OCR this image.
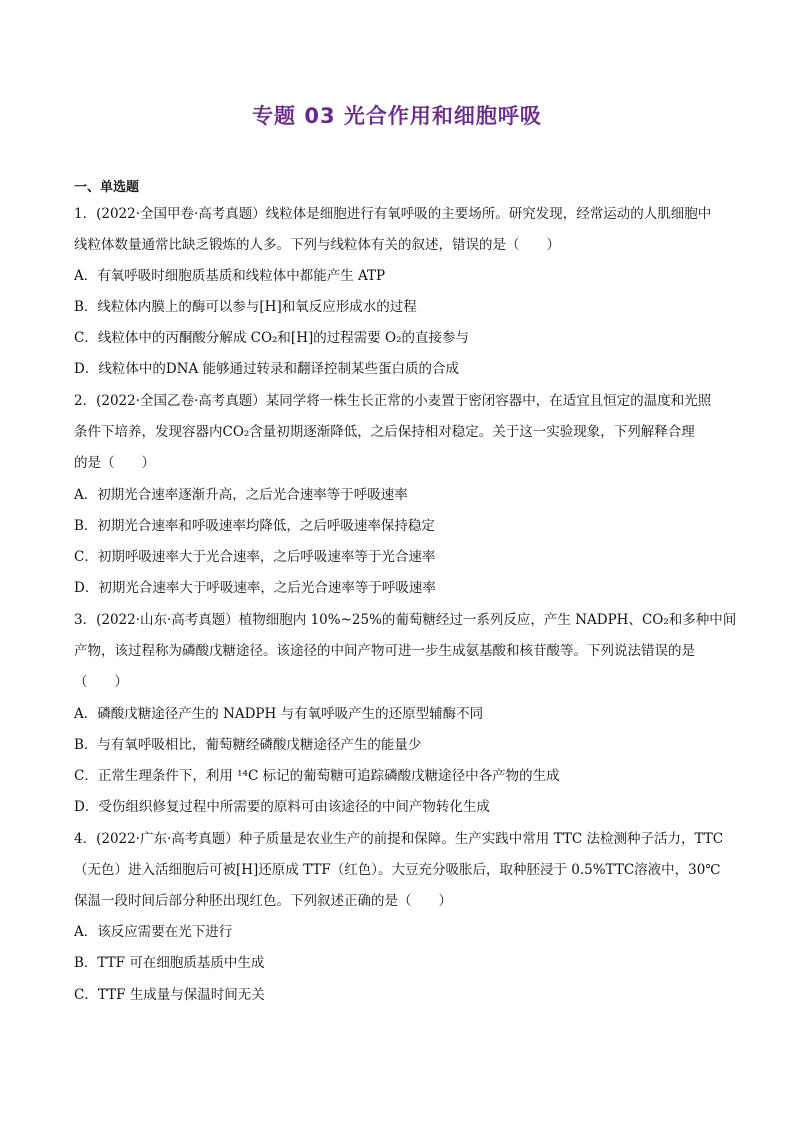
专题 03 光合作用和细胞呼吸
一、单选题
1．(2022·全国甲卷·高考真题）线粒体是细胞进行有氧呼吸的主要场所。研究发现，经常运动的人肌细胞中
线粒体数量通常比缺乏锻炼的人多。下列与线粒体有关的叙述，错误的是（　　）
A．有氧呼吸时细胞质基质和线粒体中都能产生 ATP
B．线粒体内膜上的酶可以参与[H]和氧反应形成水的过程
C．线粒体中的丙酮酸分解成 CO₂和[H]的过程需要 O₂的直接参与
D．线粒体中的DNA 能够通过转录和翻译控制某些蛋白质的合成
2．(2022·全国乙卷·高考真题）某同学将一株生长正常的小麦置于密闭容器中，在适宜且恒定的温度和光照
条件下培养，发现容器内CO₂含量初期逐渐降低，之后保持相对稳定。关于这一实验现象，下列解释合理
的是（　　）
A．初期光合速率逐渐升高，之后光合速率等于呼吸速率
B．初期光合速率和呼吸速率均降低，之后呼吸速率保持稳定
C．初期呼吸速率大于光合速率，之后呼吸速率等于光合速率
D．初期光合速率大于呼吸速率，之后光合速率等于呼吸速率
3．(2022·山东·高考真题）植物细胞内 10%~25%的葡萄糖经过一系列反应，产生 NADPH、CO₂和多种中间
产物，该过程称为磷酸戊糖途径。该途径的中间产物可进一步生成氨基酸和核苷酸等。下列说法错误的是
（　　）
A．磷酸戊糖途径产生的 NADPH 与有氧呼吸产生的还原型辅酶不同
B．与有氧呼吸相比，葡萄糖经磷酸戊糖途径产生的能量少
C．正常生理条件下，利用 ¹⁴C 标记的葡萄糖可追踪磷酸戊糖途径中各产物的生成
D．受伤组织修复过程中所需要的原料可由该途径的中间产物转化生成
4．(2022·广东·高考真题）种子质量是农业生产的前提和保障。生产实践中常用 TTC 法检测种子活力，TTC
（无色）进入活细胞后可被[H]还原成 TTF（红色）。大豆充分吸胀后，取种胚浸于 0.5%TTC溶液中，30℃
保温一段时间后部分种胚出现红色。下列叙述正确的是（　　）
A．该反应需要在光下进行
B．TTF 可在细胞质基质中生成
C．TTF 生成量与保温时间无关
